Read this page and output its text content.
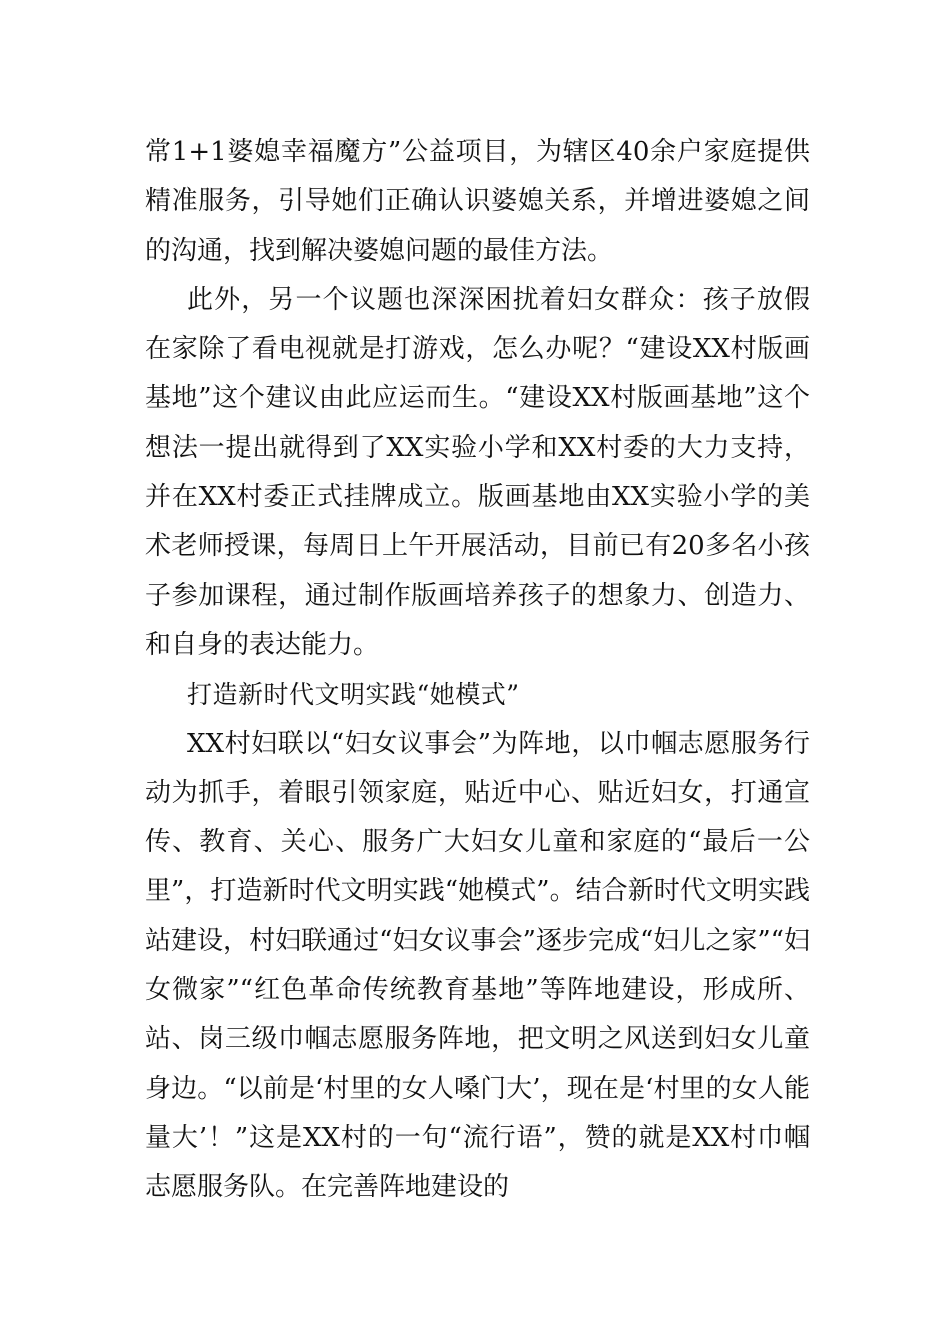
常1+1婆媳幸福魔方”公益项目，为辖区40余户家庭提供精准服务，引导她们正确认识婆媳关系，并增进婆媳之间的沟通，找到解决婆媳问题的最佳方法。

此外，另一个议题也深深困扰着妇女群众：孩子放假在家除了看电视就是打游戏，怎么办呢？“建设XX村版画基地”这个建议由此应运而生。“建设XX村版画基地”这个想法一提出就得到了XX实验小学和XX村委的大力支持，并在XX村委正式挂牌成立。版画基地由XX实验小学的美术老师授课，每周日上午开展活动，目前已有20多名小孩子参加课程，通过制作版画培养孩子的想象力、创造力、和自身的表达能力。

打造新时代文明实践“她模式”

XX村妇联以“妇女议事会”为阵地，以巾帼志愿服务行动为抓手，着眼引领家庭，贴近中心、贴近妇女，打通宣传、教育、关心、服务广大妇女儿童和家庭的“最后一公里”，打造新时代文明实践“她模式”。结合新时代文明实践站建设，村妇联通过“妇女议事会”逐步完成“妇儿之家”“妇女微家”“红色革命传统教育基地”等阵地建设，形成所、站、岗三级巾帼志愿服务阵地，把文明之风送到妇女儿童身边。“以前是‘村里的女人嗓门大’，现在是‘村里的女人能量大’！”这是XX村的一句“流行语”，赞的就是XX村巾帼志愿服务队。在完善阵地建设的
